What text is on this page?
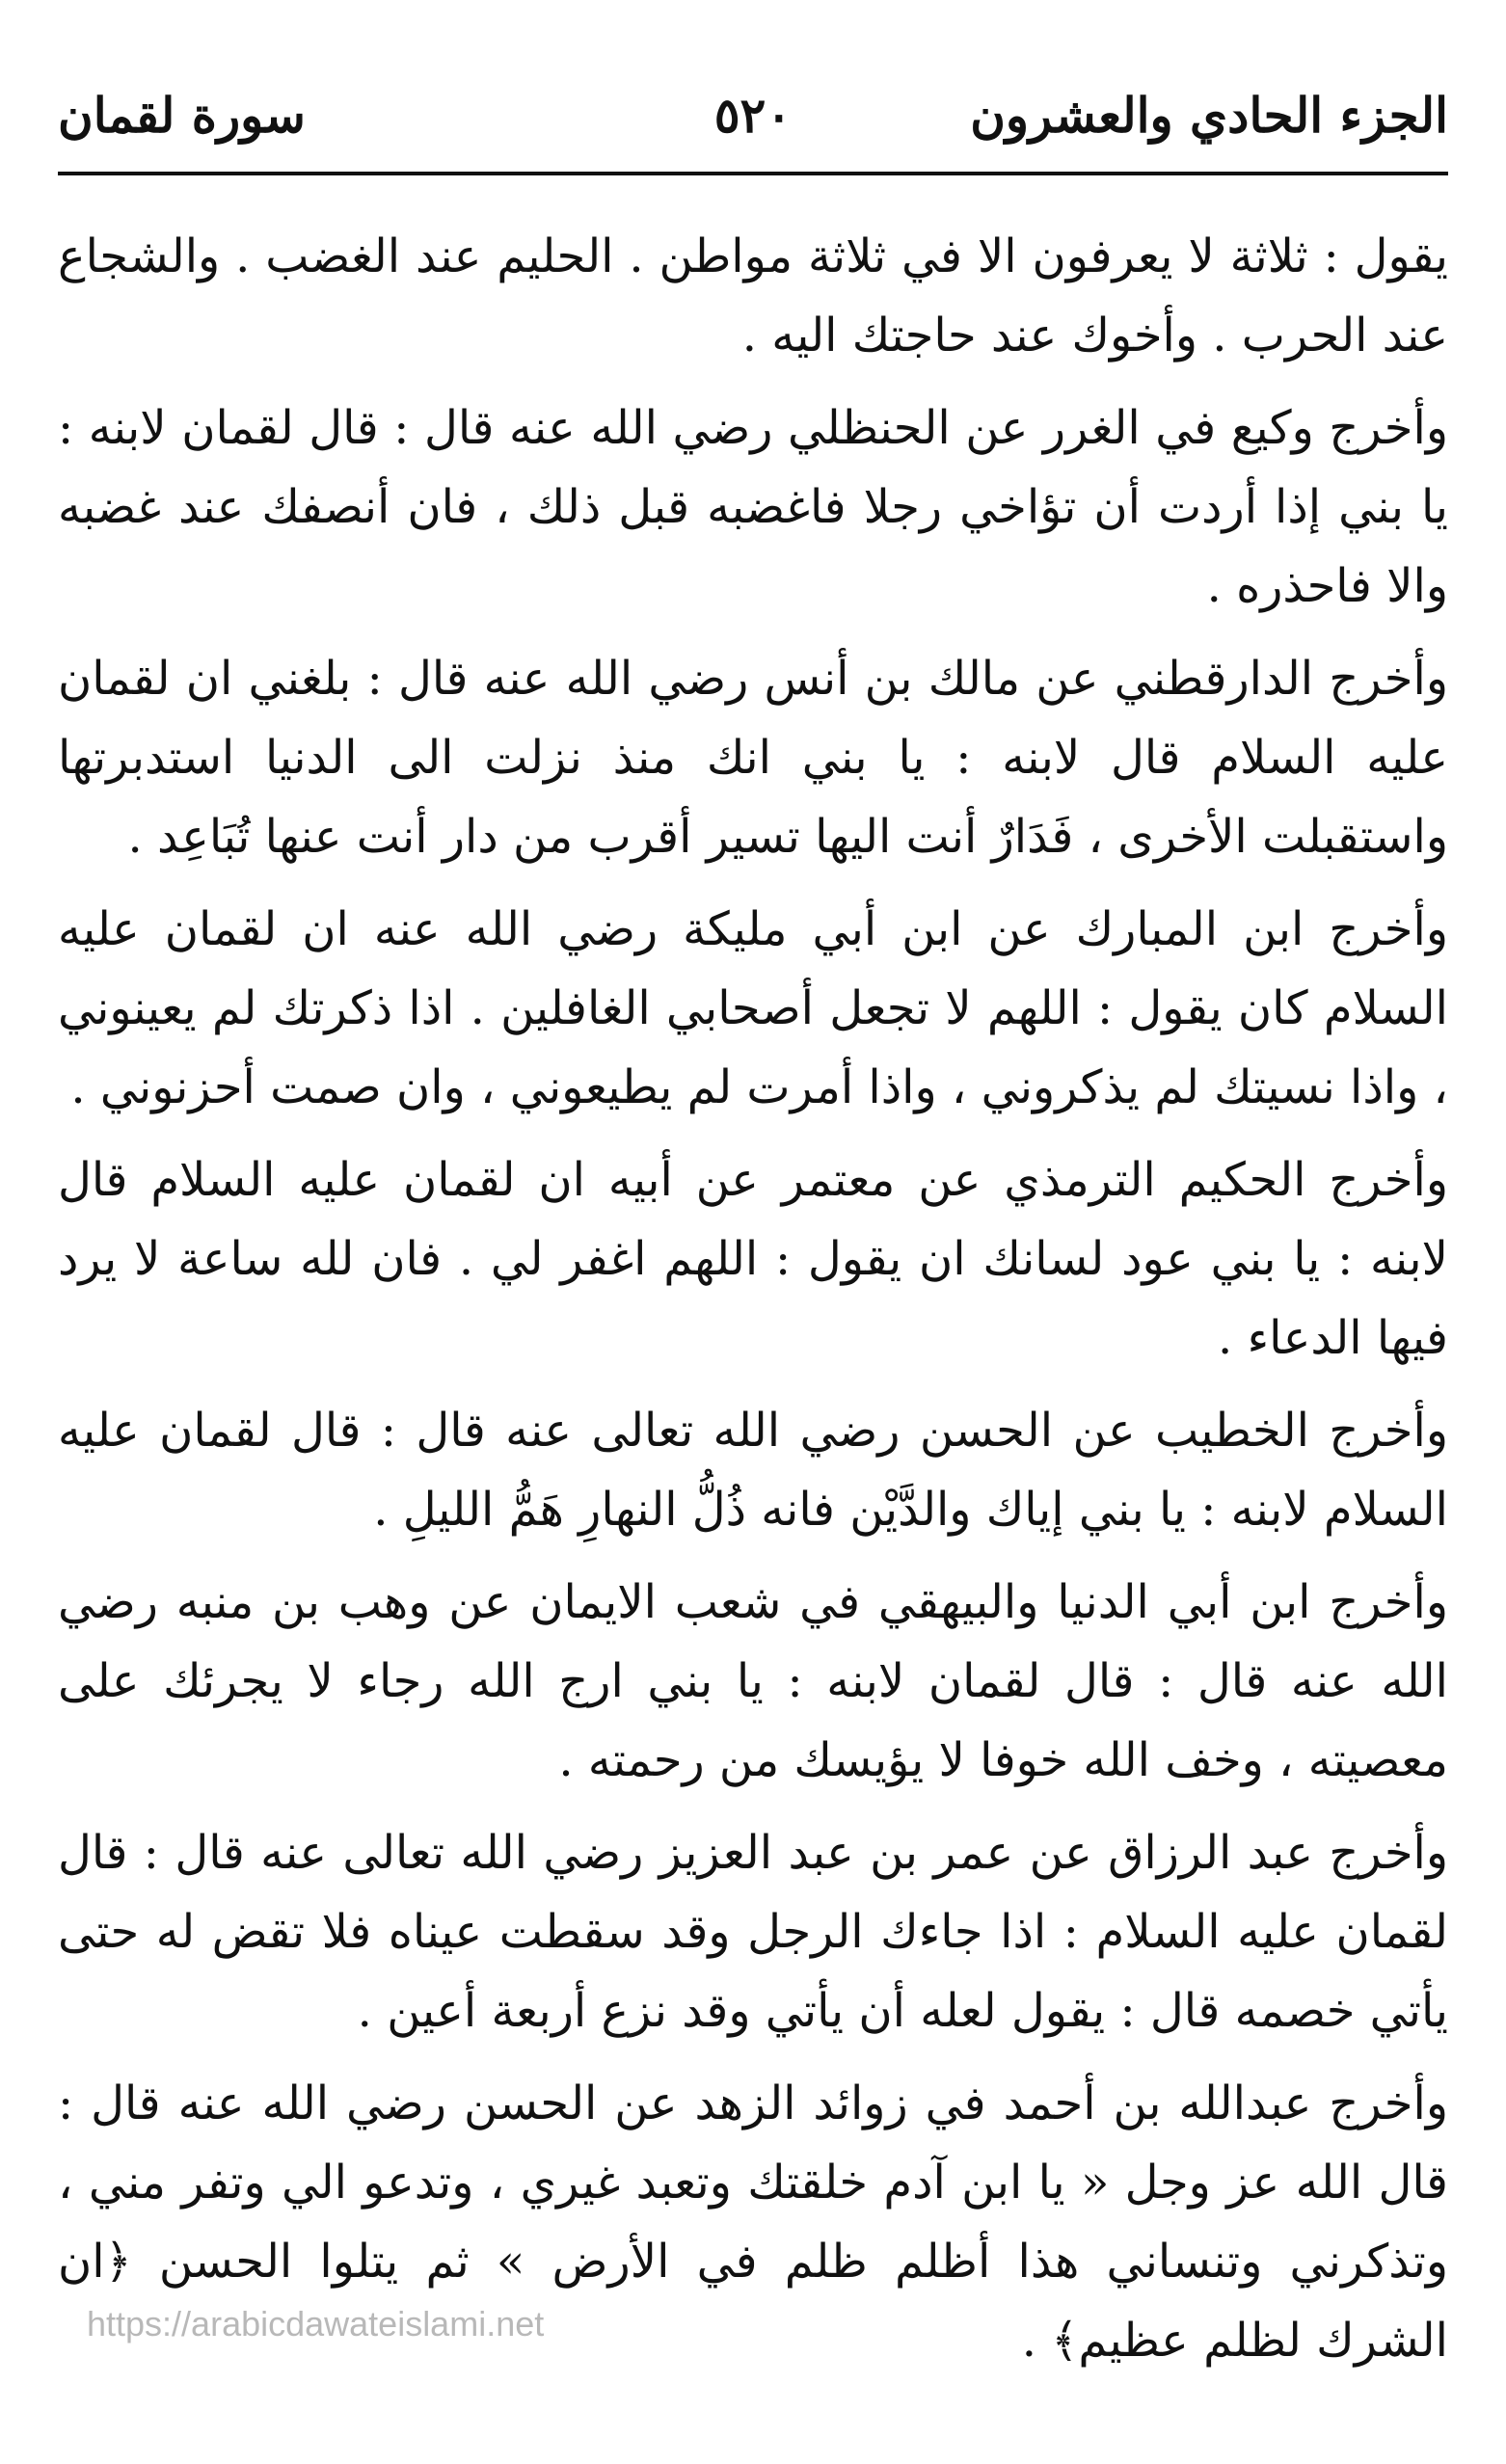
الجزء الحادي والعشرون
٥٢٠
سورة لقمان

يقول : ثلاثة لا يعرفون الا في ثلاثة مواطن . الحليم عند الغضب . والشجاع عند الحرب . وأخوك عند حاجتك اليه .

وأخرج وكيع في الغرر عن الحنظلي رضي الله عنه قال : قال لقمان لابنه : يا بني إذا أردت أن تؤاخي رجلا فاغضبه قبل ذلك ، فان أنصفك عند غضبه والا فاحذره .

وأخرج الدارقطني عن مالك بن أنس رضي الله عنه قال : بلغني ان لقمان عليه السلام قال لابنه : يا بني انك منذ نزلت الى الدنيا استدبرتها واستقبلت الأخرى ، فَدَارٌ أنت اليها تسير أقرب من دار أنت عنها تُبَاعِد .

وأخرج ابن المبارك عن ابن أبي مليكة رضي الله عنه ان لقمان عليه السلام كان يقول : اللهم لا تجعل أصحابي الغافلين . اذا ذكرتك لم يعينوني ، واذا نسيتك لم يذكروني ، واذا أمرت لم يطيعوني ، وان صمت أحزنوني .

وأخرج الحكيم الترمذي عن معتمر عن أبيه ان لقمان عليه السلام قال لابنه : يا بني عود لسانك ان يقول : اللهم اغفر لي . فان لله ساعة لا يرد فيها الدعاء .

وأخرج الخطيب عن الحسن رضي الله تعالى عنه قال : قال لقمان عليه السلام لابنه : يا بني إياك والدَّيْن فانه ذُلُّ النهارِ هَمُّ الليلِ .

وأخرج ابن أبي الدنيا والبيهقي في شعب الايمان عن وهب بن منبه رضي الله عنه قال : قال لقمان لابنه : يا بني ارج الله رجاء لا يجرئك على معصيته ، وخف الله خوفا لا يؤيسك من رحمته .

وأخرج عبد الرزاق عن عمر بن عبد العزيز رضي الله تعالى عنه قال : قال لقمان عليه السلام : اذا جاءك الرجل وقد سقطت عيناه فلا تقض له حتى يأتي خصمه قال : يقول لعله أن يأتي وقد نزع أربعة أعين .

وأخرج عبدالله بن أحمد في زوائد الزهد عن الحسن رضي الله عنه قال : قال الله عز وجل « يا ابن آدم خلقتك وتعبد غيري ، وتدعو الي وتفر مني ، وتذكرني وتنساني هذا أظلم ظلم في الأرض » ثم يتلوا الحسن ﴿ان الشرك لظلم عظيم﴾ .

https://arabicdawateislami.net
